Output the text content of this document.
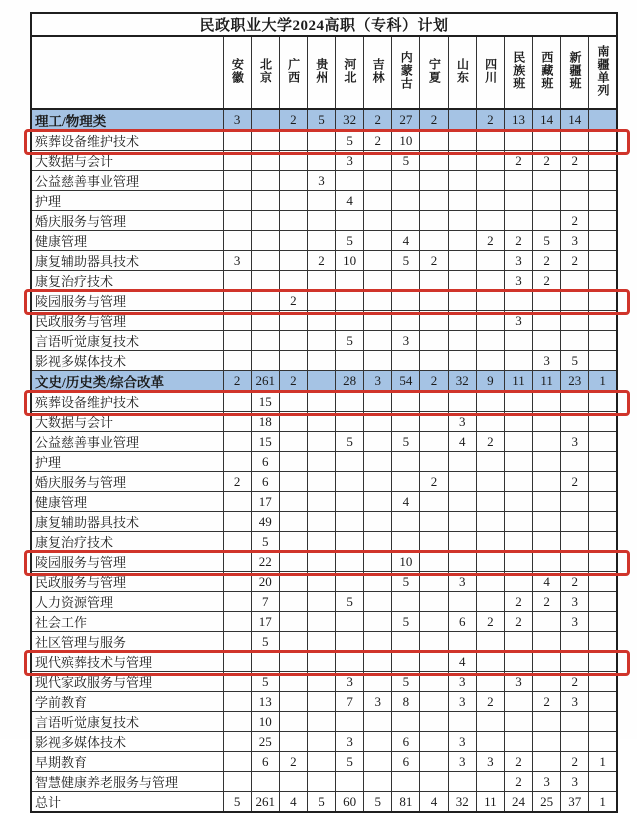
民政职业大学2024高职（专科）计划														
	安徽	北京	广西	贵州	河北	吉林	内蒙古	宁夏	山东	四川	民族班	西藏班	新疆班	南疆单列
理工/物理类	3		2	5	32	2	27	2		2	13	14	14	
殡葬设备维护技术					5	2	10							
大数据与会计					3		5				2	2	2	
公益慈善事业管理				3										
护理					4									
婚庆服务与管理													2	
健康管理					5		4			2	2	5	3	
康复辅助器具技术	3			2	10		5	2			3	2	2	
康复治疗技术											3	2		
陵园服务与管理			2											
民政服务与管理											3			
言语听觉康复技术					5		3							
影视多媒体技术												3	5	
文史/历史类/综合改革	2	261	2		28	3	54	2	32	9	11	11	23	1
殡葬设备维护技术		15												
大数据与会计		18							3					
公益慈善事业管理		15			5		5		4	2			3	
护理		6												
婚庆服务与管理	2	6						2					2	
健康管理		17					4							
康复辅助器具技术		49												
康复治疗技术		5												
陵园服务与管理		22					10							
民政服务与管理		20					5		3			4	2	
人力资源管理		7			5						2	2	3	
社会工作		17					5		6	2	2		3	
社区管理与服务		5												
现代殡葬技术与管理									4					
现代家政服务与管理		5			3		5		3		3		2	
学前教育		13			7	3	8		3	2		2	3	
言语听觉康复技术		10												
影视多媒体技术		25			3		6		3					
早期教育		6	2		5		6		3	3	2		2	1
智慧健康养老服务与管理											2	3	3	
总计	5	261	4	5	60	5	81	4	32	11	24	25	37	1
